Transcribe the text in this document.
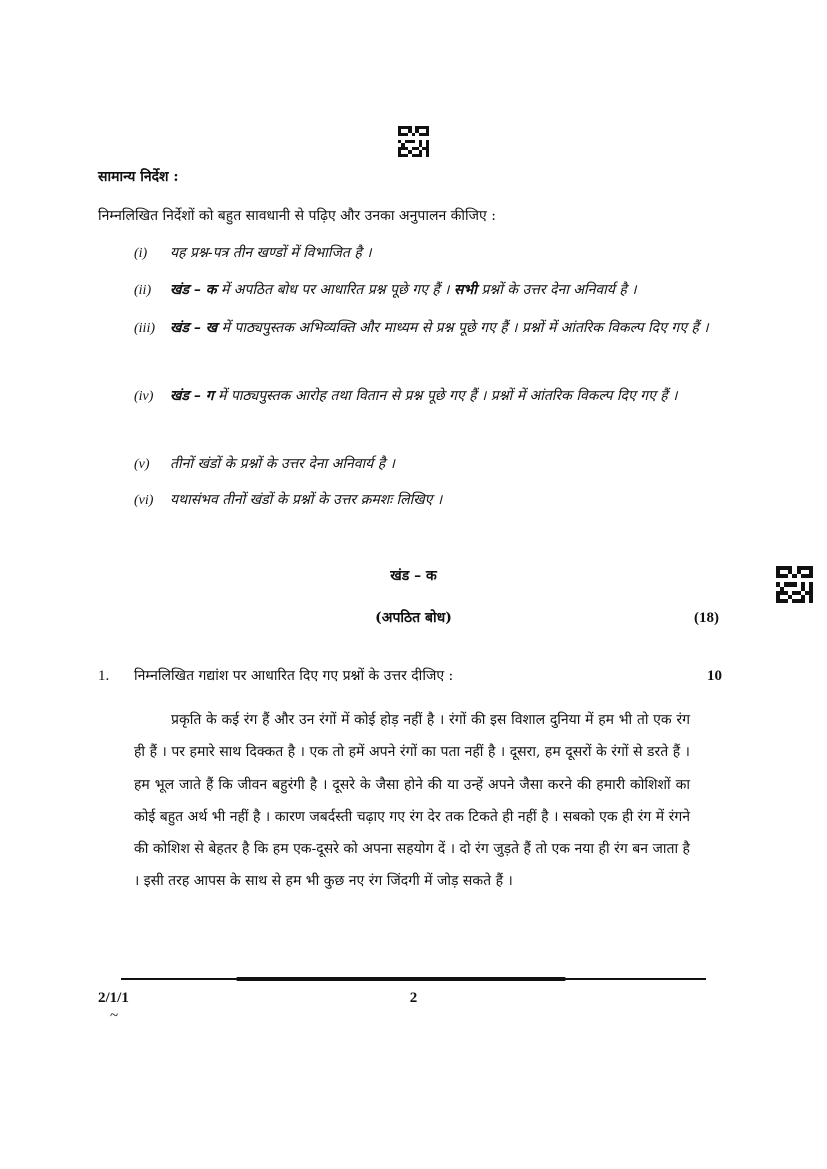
सामान्य निर्देश :
निम्नलिखित निर्देशों को बहुत सावधानी से पढ़िए और उनका अनुपालन कीजिए :
(i) यह प्रश्न-पत्र तीन खण्डों में विभाजित है ।
(ii) खंड – क में अपठित बोध पर आधारित प्रश्न पूछे गए हैं । सभी प्रश्नों के उत्तर देना अनिवार्य है ।
(iii) खंड – ख में पाठ्यपुस्तक अभिव्यक्ति और माध्यम से प्रश्न पूछे गए हैं । प्रश्नों में आंतरिक विकल्प दिए गए हैं ।
(iv) खंड – ग में पाठ्यपुस्तक आरोह तथा वितान से प्रश्न पूछे गए हैं । प्रश्नों में आंतरिक विकल्प दिए गए हैं ।
(v) तीनों खंडों के प्रश्नों के उत्तर देना अनिवार्य है ।
(vi) यथासंभव तीनों खंडों के प्रश्नों के उत्तर क्रमशः लिखिए ।
खंड – क
(अपठित बोध)	(18)
1. निम्नलिखित गद्यांश पर आधारित दिए गए प्रश्नों के उत्तर दीजिए :	10

प्रकृति के कई रंग हैं और उन रंगों में कोई होड़ नहीं है । रंगों की इस विशाल दुनिया में हम भी तो एक रंग ही हैं । पर हमारे साथ दिक्कत है । एक तो हमें अपने रंगों का पता नहीं है । दूसरा, हम दूसरों के रंगों से डरते हैं । हम भूल जाते हैं कि जीवन बहुरंगी है । दूसरे के जैसा होने की या उन्हें अपने जैसा करने की हमारी कोशिशों का कोई बहुत अर्थ भी नहीं है । कारण जबर्दस्ती चढ़ाए गए रंग देर तक टिकते ही नहीं है । सबको एक ही रंग में रंगने की कोशिश से बेहतर है कि हम एक-दूसरे को अपना सहयोग दें । दो रंग जुड़ते हैं तो एक नया ही रंग बन जाता है । इसी तरह आपस के साथ से हम भी कुछ नए रंग जिंदगी में जोड़ सकते हैं ।

2/1/1	2
~
